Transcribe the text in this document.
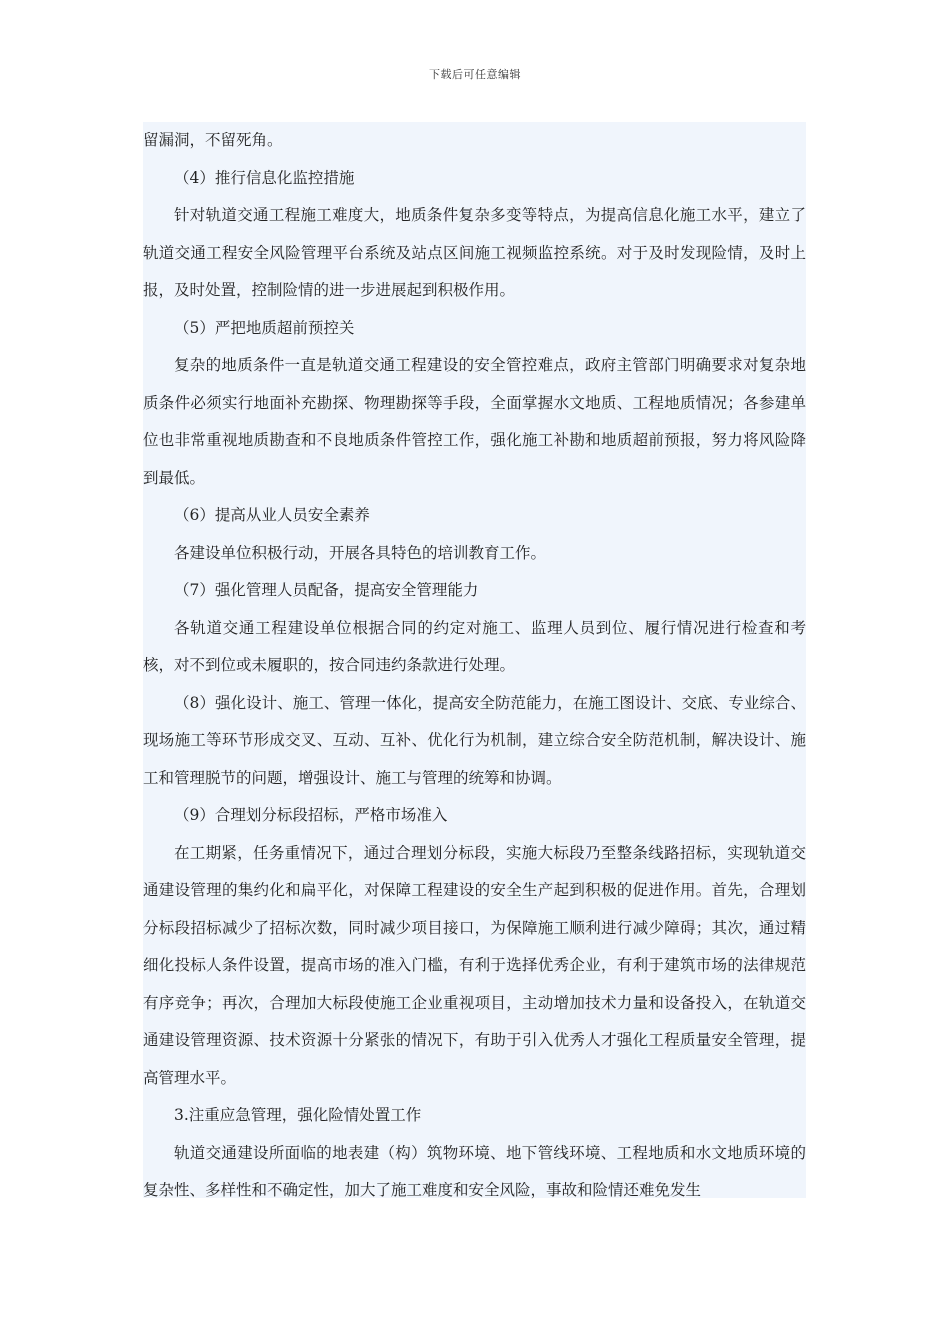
下载后可任意编辑

留漏洞，不留死角。

（4）推行信息化监控措施

针对轨道交通工程施工难度大，地质条件复杂多变等特点，为提高信息化施工水平，建立了轨道交通工程安全风险管理平台系统及站点区间施工视频监控系统。对于及时发现险情，及时上报，及时处置，控制险情的进一步进展起到积极作用。

（5）严把地质超前预控关

复杂的地质条件一直是轨道交通工程建设的安全管控难点，政府主管部门明确要求对复杂地质条件必须实行地面补充勘探、物理勘探等手段，全面掌握水文地质、工程地质情况；各参建单位也非常重视地质勘查和不良地质条件管控工作，强化施工补勘和地质超前预报，努力将风险降到最低。

（6）提高从业人员安全素养

各建设单位积极行动，开展各具特色的培训教育工作。

（7）强化管理人员配备，提高安全管理能力

各轨道交通工程建设单位根据合同的约定对施工、监理人员到位、履行情况进行检查和考核，对不到位或未履职的，按合同违约条款进行处理。

（8）强化设计、施工、管理一体化，提高安全防范能力，在施工图设计、交底、专业综合、现场施工等环节形成交叉、互动、互补、优化行为机制，建立综合安全防范机制，解决设计、施工和管理脱节的问题，增强设计、施工与管理的统筹和协调。

（9）合理划分标段招标，严格市场准入

在工期紧，任务重情况下，通过合理划分标段，实施大标段乃至整条线路招标，实现轨道交通建设管理的集约化和扁平化，对保障工程建设的安全生产起到积极的促进作用。首先，合理划分标段招标减少了招标次数，同时减少项目接口，为保障施工顺利进行减少障碍；其次，通过精细化投标人条件设置，提高市场的准入门槛，有利于选择优秀企业，有利于建筑市场的法律规范有序竞争；再次，合理加大标段使施工企业重视项目，主动增加技术力量和设备投入，在轨道交通建设管理资源、技术资源十分紧张的情况下，有助于引入优秀人才强化工程质量安全管理，提高管理水平。

3.注重应急管理，强化险情处置工作

轨道交通建设所面临的地表建（构）筑物环境、地下管线环境、工程地质和水文地质环境的复杂性、多样性和不确定性，加大了施工难度和安全风险，事故和险情还难免发生
